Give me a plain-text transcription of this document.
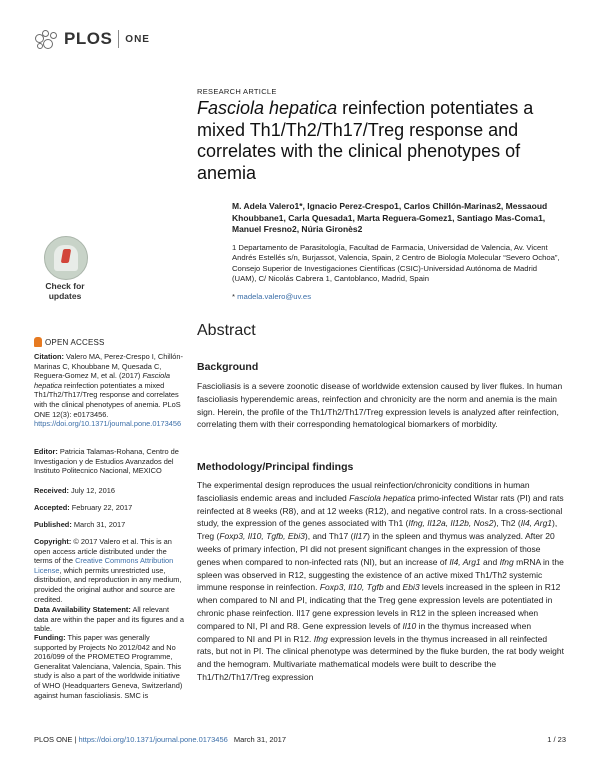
PLOS ONE
Check for
updates
OPEN ACCESS
Citation: Valero MA, Perez-Crespo I, Chillón-Marinas C, Khoubbane M, Quesada C, Reguera-Gomez M, et al. (2017) Fasciola hepatica reinfection potentiates a mixed Th1/Th2/Th17/Treg response and correlates with the clinical phenotypes of anemia. PLoS ONE 12(3): e0173456. https://doi.org/10.1371/journal.pone.0173456
Editor: Patricia Talamas-Rohana, Centro de Investigacion y de Estudios Avanzados del Instituto Politecnico Nacional, MEXICO
Received: July 12, 2016
Accepted: February 22, 2017
Published: March 31, 2017
Copyright: © 2017 Valero et al. This is an open access article distributed under the terms of the Creative Commons Attribution License, which permits unrestricted use, distribution, and reproduction in any medium, provided the original author and source are credited.
Data Availability Statement: All relevant data are within the paper and its figures and a table.
Funding: This paper was generally supported by Projects No 2012/042 and No 2016/099 of the PROMETEO Programme, Generalitat Valenciana, Valencia, Spain. This study is also a part of the worldwide initiative of WHO (Headquarters Geneva, Switzerland) against human fascioliasis. SMC is
RESEARCH ARTICLE
Fasciola hepatica reinfection potentiates a mixed Th1/Th2/Th17/Treg response and correlates with the clinical phenotypes of anemia
M. Adela Valero1*, Ignacio Perez-Crespo1, Carlos Chillón-Marinas2, Messaoud Khoubbane1, Carla Quesada1, Marta Reguera-Gomez1, Santiago Mas-Coma1, Manuel Fresno2, Núria Gironès2
1 Departamento de Parasitología, Facultad de Farmacia, Universidad de Valencia, Av. Vicent Andrés Estellés s/n, Burjassot, Valencia, Spain, 2 Centro de Biología Molecular “Severo Ochoa”, Consejo Superior de Investigaciones Científicas (CSIC)-Universidad Autónoma de Madrid (UAM), C/ Nicolás Cabrera 1, Cantoblanco, Madrid, Spain
* madela.valero@uv.es
Abstract
Background
Fascioliasis is a severe zoonotic disease of worldwide extension caused by liver flukes. In human fascioliasis hyperendemic areas, reinfection and chronicity are the norm and anemia is the main sign. Herein, the profile of the Th1/Th2/Th17/Treg expression levels is analyzed after reinfection, correlating them with their corresponding hematological biomarkers of morbidity.
Methodology/Principal findings
The experimental design reproduces the usual reinfection/chronicity conditions in human fascioliasis endemic areas and included Fasciola hepatica primo-infected Wistar rats (PI) and rats reinfected at 8 weeks (R8), and at 12 weeks (R12), and negative control rats. In a cross-sectional study, the expression of the genes associated with Th1 (Ifng, Il12a, Il12b, Nos2), Th2 (Il4, Arg1), Treg (Foxp3, Il10, Tgfb, Ebi3), and Th17 (Il17) in the spleen and thymus was analyzed. After 20 weeks of primary infection, PI did not present significant changes in the expression of those genes when compared to non-infected rats (NI), but an increase of Il4, Arg1 and Ifng mRNA in the spleen was observed in R12, suggesting the existence of an active mixed Th1/Th2 systemic immune response in reinfection. Foxp3, Il10, Tgfb and Ebi3 levels increased in the spleen in R12 when compared to NI and PI, indicating that the Treg gene expression levels are potentiated in chronic phase reinfection. Il17 gene expression levels in R12 in the spleen increased when compared to NI, PI and R8. Gene expression levels of Il10 in the thymus increased when compared to NI and PI in R12. Ifng expression levels in the thymus increased in all reinfected rats, but not in PI. The clinical phenotype was determined by the fluke burden, the rat body weight and the hemogram. Multivariate mathematical models were built to describe the Th1/Th2/Th17/Treg expression
PLOS ONE | https://doi.org/10.1371/journal.pone.0173456 March 31, 2017	1 / 23
